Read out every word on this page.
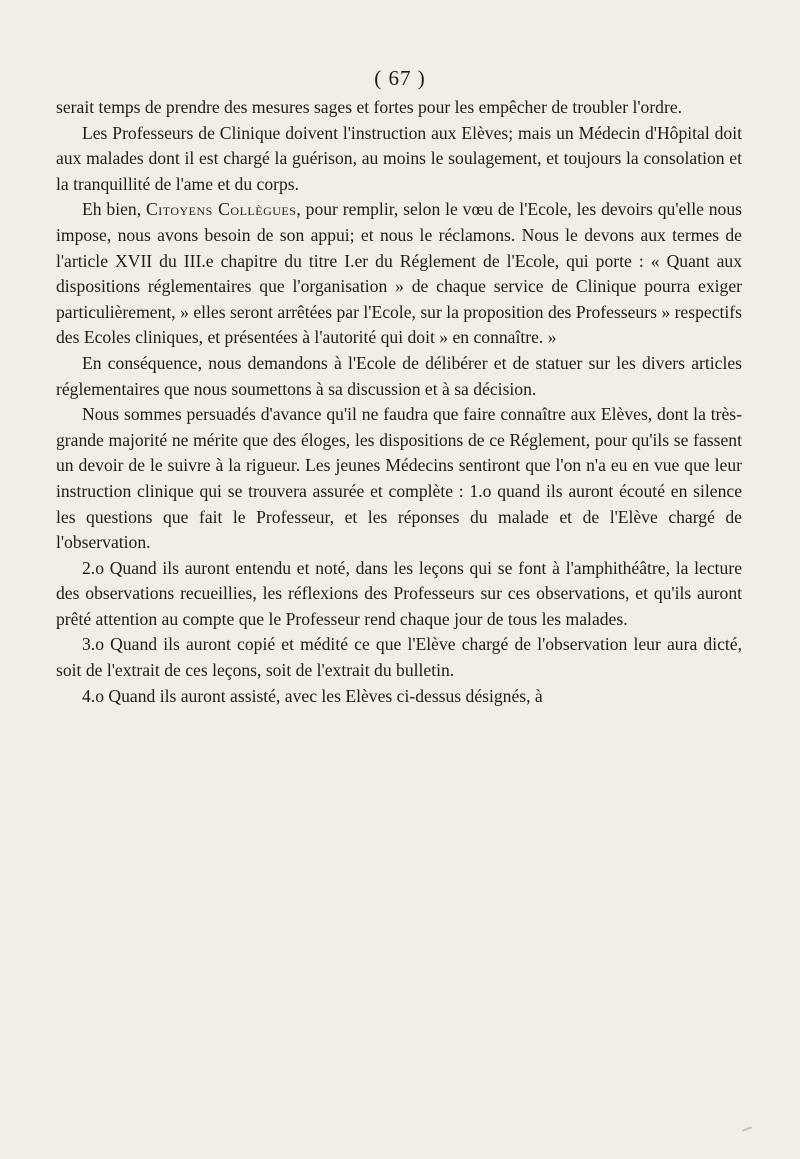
( 67 )

serait temps de prendre des mesures sages et fortes pour les empêcher de troubler l'ordre.

Les Professeurs de Clinique doivent l'instruction aux Elèves; mais un Médecin d'Hôpital doit aux malades dont il est chargé la guérison, au moins le soulagement, et toujours la consolation et la tranquillité de l'ame et du corps.

Eh bien, Citoyens Collègues, pour remplir, selon le vœu de l'Ecole, les devoirs qu'elle nous impose, nous avons besoin de son appui; et nous le réclamons. Nous le devons aux termes de l'article XVII du III.e chapitre du titre I.er du Réglement de l'Ecole, qui porte : « Quant aux dispositions réglementaires que l'organisation » de chaque service de Clinique pourra exiger particulièrement, » elles seront arrêtées par l'Ecole, sur la proposition des Professeurs » respectifs des Ecoles cliniques, et présentées à l'autorité qui doit » en connaître. »

En conséquence, nous demandons à l'Ecole de délibérer et de statuer sur les divers articles réglementaires que nous soumettons à sa discussion et à sa décision.

Nous sommes persuadés d'avance qu'il ne faudra que faire connaître aux Elèves, dont la très-grande majorité ne mérite que des éloges, les dispositions de ce Réglement, pour qu'ils se fassent un devoir de le suivre à la rigueur. Les jeunes Médecins sentiront que l'on n'a eu en vue que leur instruction clinique qui se trouvera assurée et complète : 1.o quand ils auront écouté en silence les questions que fait le Professeur, et les réponses du malade et de l'Elève chargé de l'observation.

2.o Quand ils auront entendu et noté, dans les leçons qui se font à l'amphithéâtre, la lecture des observations recueillies, les réflexions des Professeurs sur ces observations, et qu'ils auront prêté attention au compte que le Professeur rend chaque jour de tous les malades.

3.o Quand ils auront copié et médité ce que l'Elève chargé de l'observation leur aura dicté, soit de l'extrait de ces leçons, soit de l'extrait du bulletin.

4.o Quand ils auront assisté, avec les Elèves ci-dessus désignés, à
